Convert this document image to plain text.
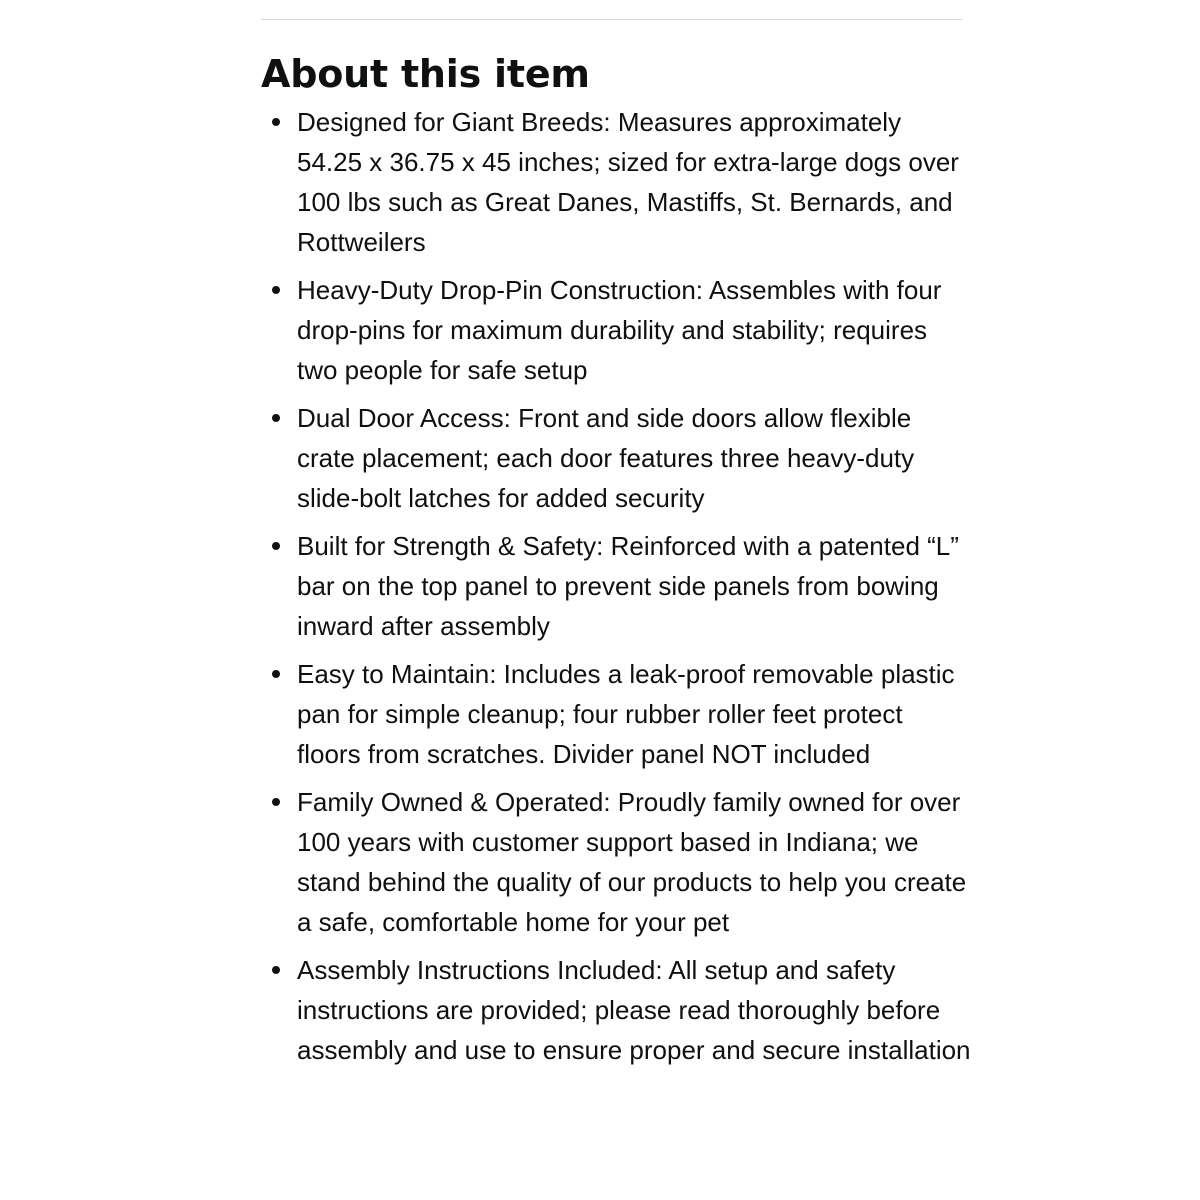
About this item
Designed for Giant Breeds: Measures approximately 54.25 x 36.75 x 45 inches; sized for extra-large dogs over 100 lbs such as Great Danes, Mastiffs, St. Bernards, and Rottweilers
Heavy-Duty Drop-Pin Construction: Assembles with four drop-pins for maximum durability and stability; requires two people for safe setup
Dual Door Access: Front and side doors allow flexible crate placement; each door features three heavy-duty slide-bolt latches for added security
Built for Strength & Safety: Reinforced with a patented “L” bar on the top panel to prevent side panels from bowing inward after assembly
Easy to Maintain: Includes a leak-proof removable plastic pan for simple cleanup; four rubber roller feet protect floors from scratches. Divider panel NOT included
Family Owned & Operated: Proudly family owned for over 100 years with customer support based in Indiana; we stand behind the quality of our products to help you create a safe, comfortable home for your pet
Assembly Instructions Included: All setup and safety instructions are provided; please read thoroughly before assembly and use to ensure proper and secure installation
